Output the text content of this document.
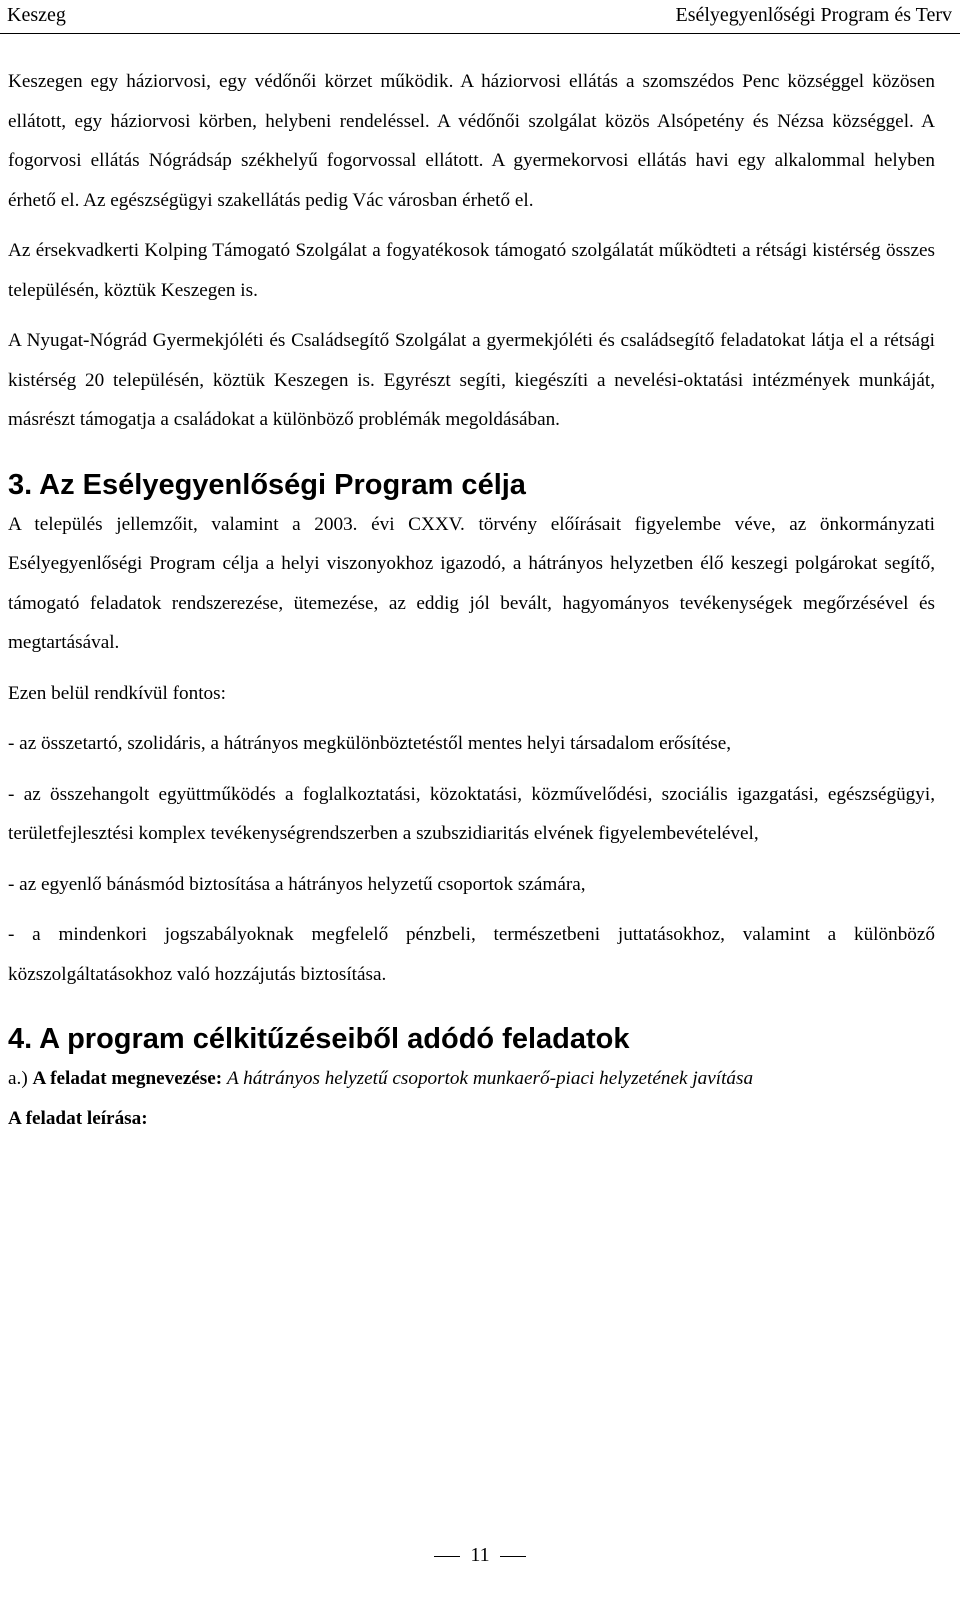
Keszeg	Esélyegyenlőségi Program és Terv

Keszegen egy háziorvosi, egy védőnői körzet működik. A háziorvosi ellátás a szomszédos Penc községgel közösen ellátott, egy háziorvosi körben, helybeni rendeléssel. A védőnői szolgálat közös Alsópetény és Nézsa községgel. A fogorvosi ellátás Nógrádsáp székhelyű fogorvossal ellátott. A gyermekorvosi ellátás havi egy alkalommal helyben érhető el. Az egészségügyi szakellátás pedig Vác városban érhető el.

Az érsekvadkerti Kolping Támogató Szolgálat a fogyatékosok támogató szolgálatát működteti a rétsági kistérség összes településén, köztük Keszegen is.

A Nyugat-Nógrád Gyermekjóléti és Családsegítő Szolgálat a gyermekjóléti és családsegítő feladatokat látja el a rétsági kistérség 20 településén, köztük Keszegen is. Egyrészt segíti, kiegészíti a nevelési-oktatási intézmények munkáját, másrészt támogatja a családokat a különböző problémák megoldásában.

3. Az Esélyegyenlőségi Program célja

A település jellemzőit, valamint a 2003. évi CXXV. törvény előírásait figyelembe véve, az önkormányzati Esélyegyenlőségi Program célja a helyi viszonyokhoz igazodó, a hátrányos helyzetben élő keszegi polgárokat segítő, támogató feladatok rendszerezése, ütemezése, az eddig jól bevált, hagyományos tevékenységek megőrzésével és megtartásával.

Ezen belül rendkívül fontos:

- az összetartó, szolidáris, a hátrányos megkülönböztetéstől mentes helyi társadalom erősítése,

- az összehangolt együttműködés a foglalkoztatási, közoktatási, közművelődési, szociális igazgatási, egészségügyi, területfejlesztési komplex tevékenységrendszerben a szubszidiaritás elvének figyelembevételével,

- az egyenlő bánásmód biztosítása a hátrányos helyzetű csoportok számára,

- a mindenkori jogszabályoknak megfelelő pénzbeli, természetbeni juttatásokhoz, valamint a különböző közszolgáltatásokhoz való hozzájutás biztosítása.

4. A program célkitűzéseiből adódó feladatok

a.) A feladat megnevezése: A hátrányos helyzetű csoportok munkaerő-piaci helyzetének javítása

A feladat leírása:

11
